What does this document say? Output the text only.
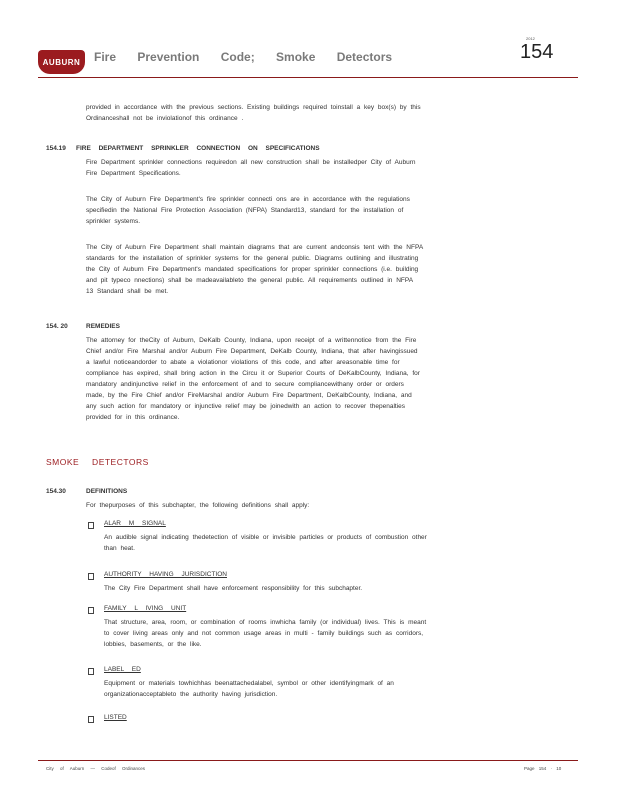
AUBURN Fire Prevention Code; Smoke Detectors
2012
154
provided in accordance with the previous sections. Existing buildings required toinstall a key box(s) by this
Ordinanceshall not be inviolationof this ordinance .
154.19 FIRE DEPARTMENT SPRINKLER CONNECTION ON SPECIFICATIONS
Fire Department sprinkler connections requiredon all new construction shall be installedper City of Auburn
Fire Department Specifications.
The City of Auburn Fire Department's fire sprinkler connecti ons are in accordance with the regulations
specifiedin the National Fire Protection Association (NFPA) Standard13, standard for the installation of
sprinkler systems.
The City of Auburn Fire Department shall maintain diagrams that are current andconsis tent with the NFPA
standards for the installation of sprinkler systems for the general public. Diagrams outlining and illustrating
the City of Auburn Fire Department's mandated specifications for proper sprinkler connections (i.e. building
and pit typeco nnections) shall be madeavailableto the general public. All requirements outlined in NFPA
13 Standard shall be met.
154. 20	REMEDIES
The attorney for theCity of Auburn, DeKalb County, Indiana, upon receipt of a writtennotice from the Fire
Chief and/or Fire Marshal and/or Auburn Fire Department, DeKalb County, Indiana, that after havingissued
a lawful noticeandorder to abate a violationor violations of this code, and after areasonable time for
compliance has expired, shall bring action in the Circu it or Superior Courts of DeKalbCounty, Indiana, for
mandatory andinjunctive relief in the enforcement of and to secure compliancewithany order or orders
made, by the Fire Chief and/or FireMarshal and/or Auburn Fire Department, DeKalbCounty, Indiana, and
any such action for mandatory or injunctive relief may be joinedwith an action to recover thepenalties
provided for in this ordinance.
SMOKE DETECTORS
154.30	DEFINITIONS
For thepurposes of this subchapter, the following definitions shall apply:
ALAR M SIGNAL
An audible signal indicating thedetection of visible or invisible particles or products of combustion other
than heat.
AUTHORITY HAVING JURISDICTION
The City Fire Department shall have enforcement responsibility for this subchapter.
FAMILY L IVING UNIT
That structure, area, room, or combination of rooms inwhicha family (or individual) lives. This is meant
to cover living areas only and not common usage areas in multi - family buildings such as corridors,
lobbies, basements, or the like.
LABEL ED
Equipment or materials towhichhas beenattachedalabel, symbol or other identifyingmark of an
organizationacceptableto the authority having jurisdiction.
LISTED
City of Auburn — Codeof Ordinances	Page 154 · 10
